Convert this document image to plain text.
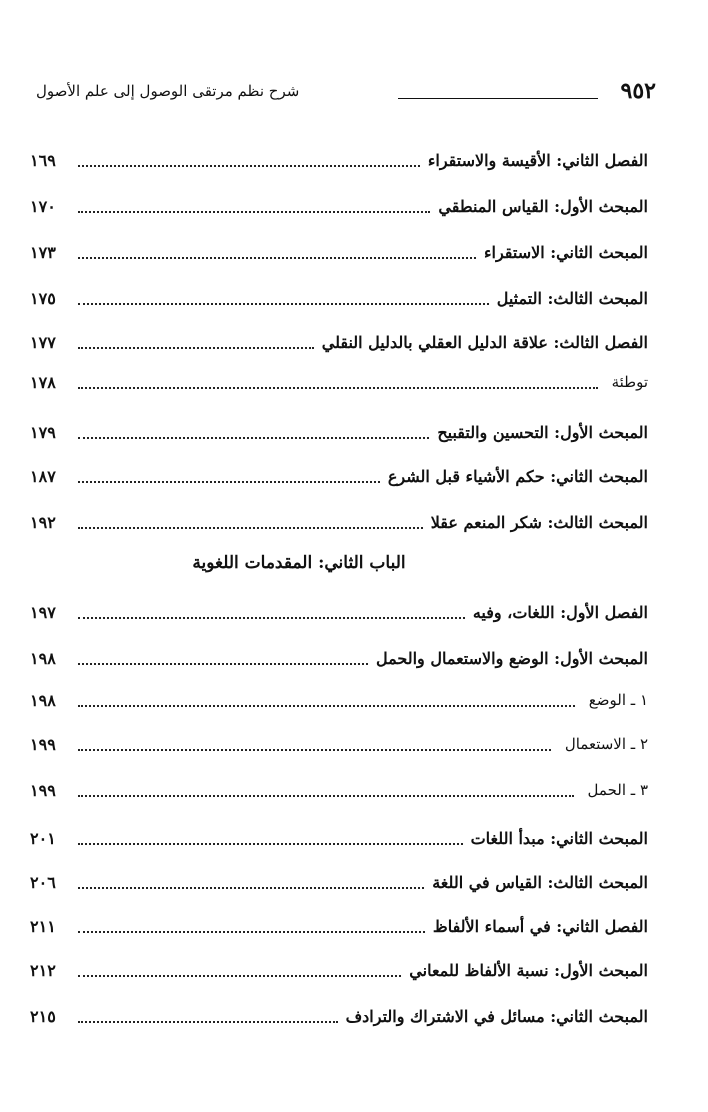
٩٥٢
شرح نظم مرتقى الوصول إلى علم الأصول
الفصل الثاني: الأقيسة والاستقراء
١٦٩
المبحث الأول: القياس المنطقي
١٧٠
المبحث الثاني: الاستقراء
١٧٣
المبحث الثالث: التمثيل
١٧٥
الفصل الثالث: علاقة الدليل العقلي بالدليل النقلي
١٧٧
توطئة
١٧٨
المبحث الأول: التحسين والتقبيح
١٧٩
المبحث الثاني: حكم الأشياء قبل الشرع
١٨٧
المبحث الثالث: شكر المنعم عقلا
١٩٢
الباب الثاني: المقدمات اللغوية
الفصل الأول: اللغات، وفيه
١٩٧
المبحث الأول: الوضع والاستعمال والحمل
١٩٨
١ ـ الوضع
١٩٨
٢ ـ الاستعمال
١٩٩
٣ ـ الحمل
١٩٩
المبحث الثاني: مبدأ اللغات
٢٠١
المبحث الثالث: القياس في اللغة
٢٠٦
الفصل الثاني: في أسماء الألفاظ
٢١١
المبحث الأول: نسبة الألفاظ للمعاني
٢١٢
المبحث الثاني: مسائل في الاشتراك والترادف
٢١٥
